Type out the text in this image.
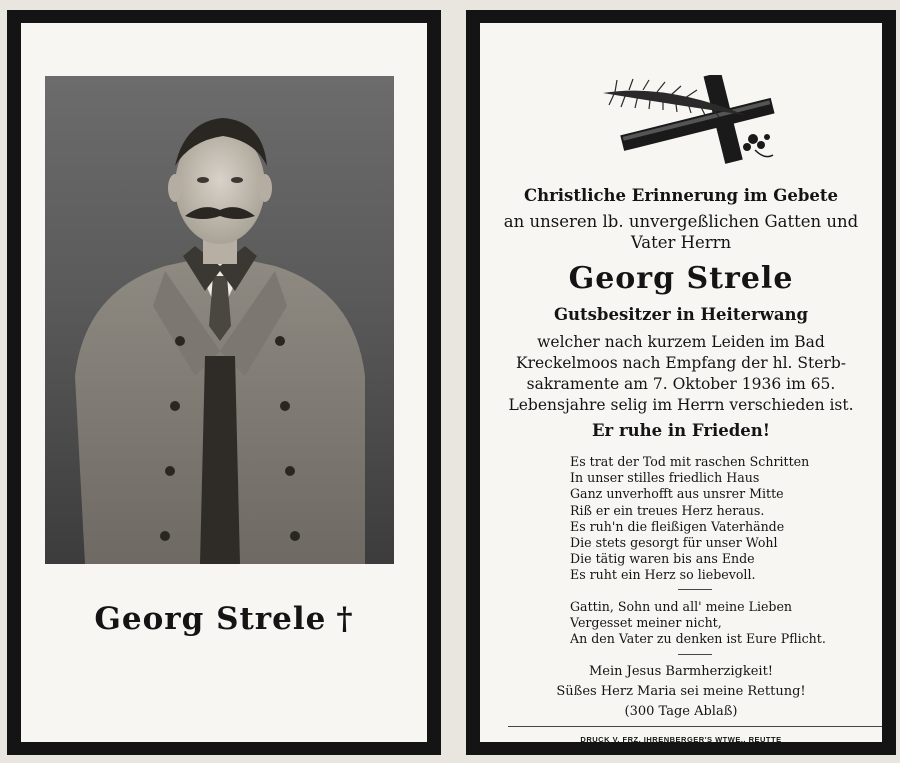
Georg Strele †
Christliche Erinnerung im Gebete
an unseren lb. unvergeßlichen Gatten und
Vater Herrn
Georg Strele
Gutsbesitzer in Heiterwang
welcher nach kurzem Leiden im Bad
Kreckelmoos nach Empfang der hl. Sterb-
sakramente am 7. Oktober 1936 im 65.
Lebensjahre selig im Herrn verschieden ist.
Er ruhe in Frieden!
Es trat der Tod mit raschen Schritten
In unser stilles friedlich Haus
Ganz unverhofft aus unsrer Mitte
Riß er ein treues Herz heraus.
Es ruh'n die fleißigen Vaterhände
Die stets gesorgt für unser Wohl
Die tätig waren bis ans Ende
Es ruht ein Herz so liebevoll.
Gattin, Sohn und all' meine Lieben
Vergesset meiner nicht,
An den Vater zu denken ist Eure Pflicht.
Mein Jesus Barmherzigkeit!
Süßes Herz Maria sei meine Rettung!
(300 Tage Ablaß)
DRUCK V. FRZ. IHRENBERGER'S WTWE., REUTTE
